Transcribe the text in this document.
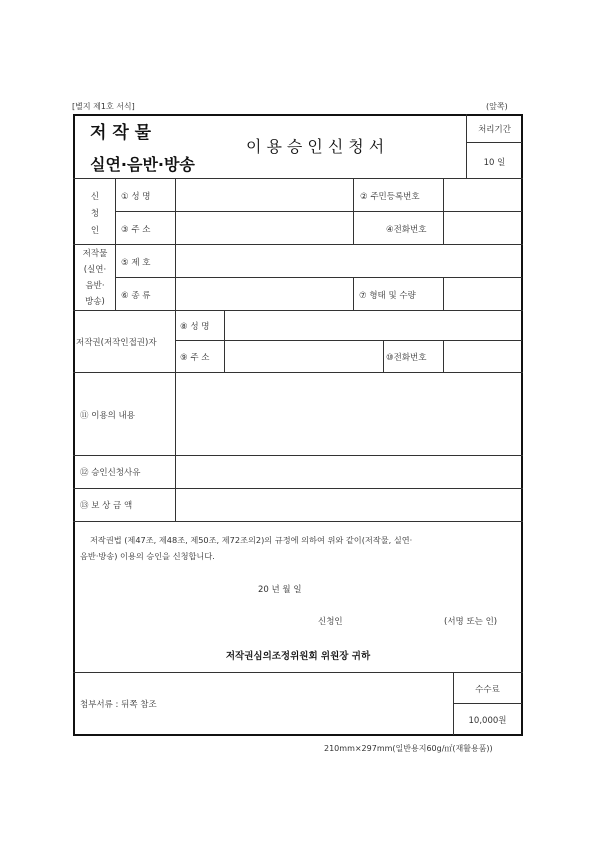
[별지 제1호 서식]	(앞쪽)
저 작 물
실연·음반·방송
이용승인신청서
처리기간
10 일
신
청
인
① 성 명	② 주민등록번호
③ 주 소	④전화번호
저작물
(실연·
음반·
방송)
⑤ 제 호
⑥ 종 류	⑦ 형태 및 수량
저작권(저작인접권)자
⑧ 성 명
⑨ 주 소	⑩전화번호
⑪ 이용의 내용
⑫ 승인신청사유
⑬ 보 상 금 액
저작권법 (제47조, 제48조, 제50조, 제72조의2)의 규정에 의하여 위와 같이(저작물, 실연·
음반·방송) 이용의 승인을 신청합니다.
20 년 월 일
신청인	(서명 또는 인)
저작권심의조정위원회 위원장 귀하
첨부서류 : 뒤쪽 참조
수수료
10,000원
210mm×297mm(일반용지60g/㎡(재활용품))
